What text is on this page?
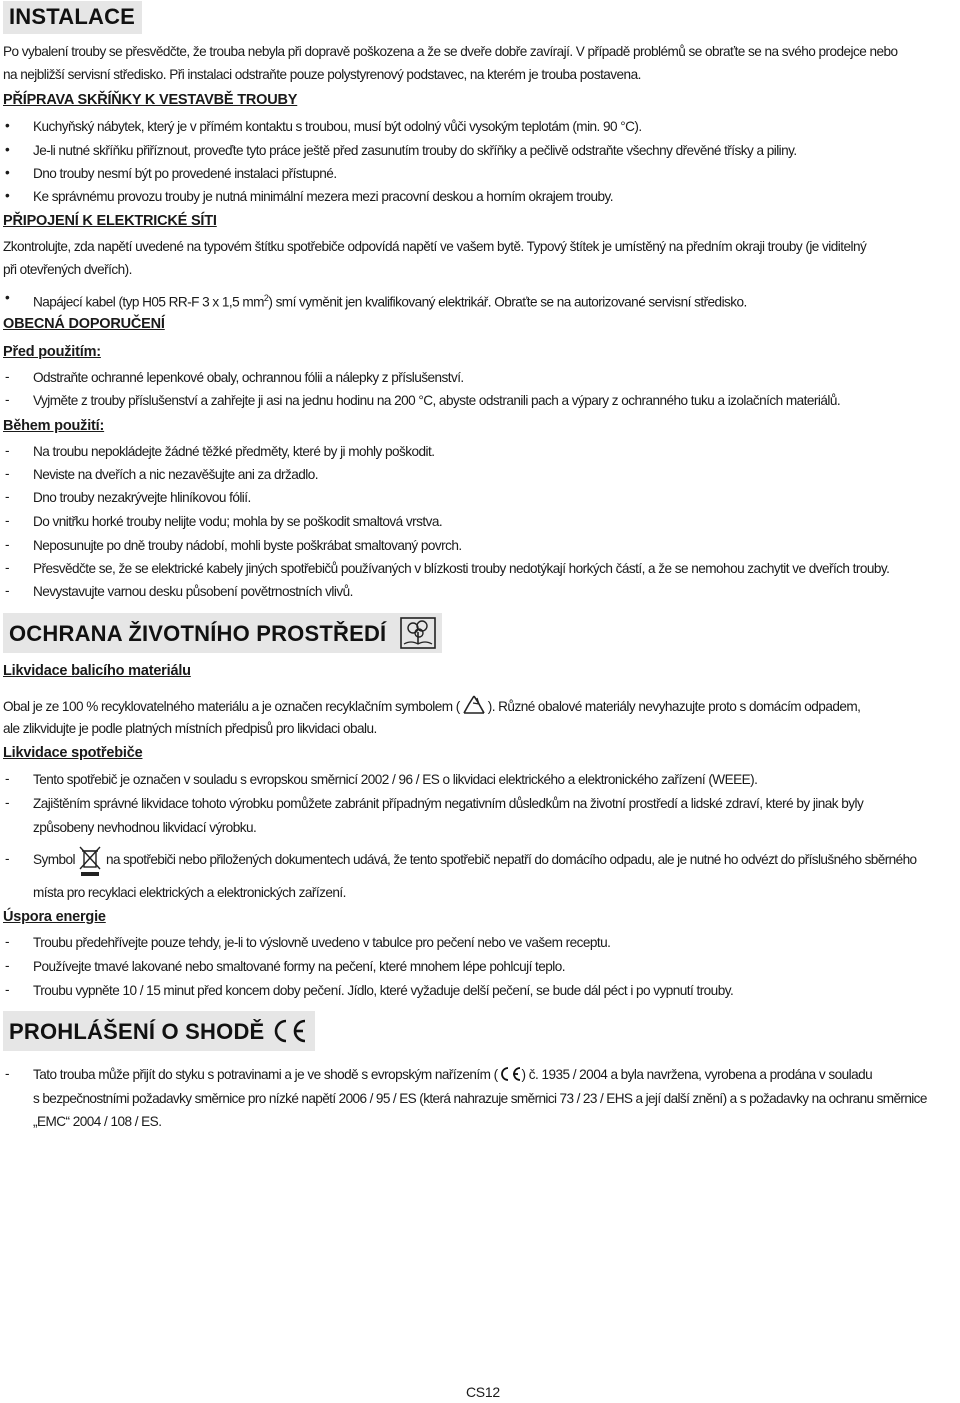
INSTALACE
Po vybalení trouby se přesvědčte, že trouba nebyla při dopravě poškozena a že se dveře dobře zavírají. V případě problémů se obraťte se na svého prodejce nebo
na nejbližší servisní středisko. Při instalaci odstraňte pouze polystyrenový podstavec, na kterém je trouba postavena.
PŘÍPRAVA SKŘÍŇKY K VESTAVBĚ TROUBY
• Kuchyňský nábytek, který je v přímém kontaktu s troubou, musí být odolný vůči vysokým teplotám (min. 90 °C).
• Je-li nutné skříňku přiříznout, proveďte tyto práce ještě před zasunutím trouby do skříňky a pečlivě odstraňte všechny dřevěné třísky a piliny.
• Dno trouby nesmí být po provedené instalaci přístupné.
• Ke správnému provozu trouby je nutná minimální mezera mezi pracovní deskou a horním okrajem trouby.
PŘIPOJENÍ K ELEKTRICKÉ SÍTI
Zkontrolujte, zda napětí uvedené na typovém štítku spotřebiče odpovídá napětí ve vašem bytě. Typový štítek je umístěný na předním okraji trouby (je viditelný
při otevřených dveřích).
• Napájecí kabel (typ H05 RR-F 3 x 1,5 $mm^2$) smí vyměnit jen kvalifikovaný elektrikář. Obraťte se na autorizované servisní středisko.
OBECNÁ DOPORUČENÍ
Před použitím:
- Odstraňte ochranné lepenkové obaly, ochrannou fólii a nálepky z příslušenství.
- Vyjměte z trouby příslušenství a zahřejte ji asi na jednu hodinu na 200 °C, abyste odstranili pach a výpary z ochranného tuku a izolačních materiálů.
Během použití:
- Na troubu nepokládejte žádné těžké předměty, které by ji mohly poškodit.
- Neviste na dveřích a nic nezavěšujte ani za držadlo.
- Dno trouby nezakrývejte hliníkovou fólií.
- Do vnitřku horké trouby nelijte vodu; mohla by se poškodit smaltová vrstva.
- Neposunujte po dně trouby nádobí, mohli byste poškrábat smaltovaný povrch.
- Přesvědčte se, že se elektrické kabely jiných spotřebičů používaných v blízkosti trouby nedotýkají horkých částí, a že se nemohou zachytit ve dveřích trouby.
- Nevystavujte varnou desku působení povětrnostních vlivů.
OCHRANA ŽIVOTNÍHO PROSTŘEDÍ
Likvidace balicího materiálu
Obal je ze 100 % recyklovatelného materiálu a je označen recyklačním symbolem ( ). Různé obalové materiály nevyhazujte proto s domácím odpadem,
ale zlikvidujte je podle platných místních předpisů pro likvidaci obalu.
Likvidace spotřebiče
- Tento spotřebič je označen v souladu s evropskou směrnicí 2002 / 96 / ES o likvidaci elektrického a elektronického zařízení (WEEE).
- Zajištěním správné likvidace tohoto výrobku pomůžete zabránit případným negativním důsledkům na životní prostředí a lidské zdraví, které by jinak byly
způsobeny nevhodnou likvidací výrobku.
- Symbol na spotřebiči nebo přiložených dokumentech udává, že tento spotřebič nepatří do domácího odpadu, ale je nutné ho odvézt do příslušného sběrného
místa pro recyklaci elektrických a elektronických zařízení.
Úspora energie
- Troubu předehřívejte pouze tehdy, je-li to výslovně uvedeno v tabulce pro pečení nebo ve vašem receptu.
- Používejte tmavé lakované nebo smaltované formy na pečení, které mnohem lépe pohlcují teplo.
- Troubu vypněte 10 / 15 minut před koncem doby pečení. Jídlo, které vyžaduje delší pečení, se bude dál péct i po vypnutí trouby.
PROHLÁŠENÍ O SHODĚ
- Tato trouba může přijít do styku s potravinami a je ve shodě s evropským nařízením ( ) č. 1935 / 2004 a byla navržena, vyrobena a prodána v souladu
s bezpečnostními požadavky směrnice pro nízké napětí 2006 / 95 / ES (která nahrazuje směrnici 73 / 23 / EHS a její další znění) a s požadavky na ochranu směrnice
„EMC“ 2004 / 108 / ES.
CS12
